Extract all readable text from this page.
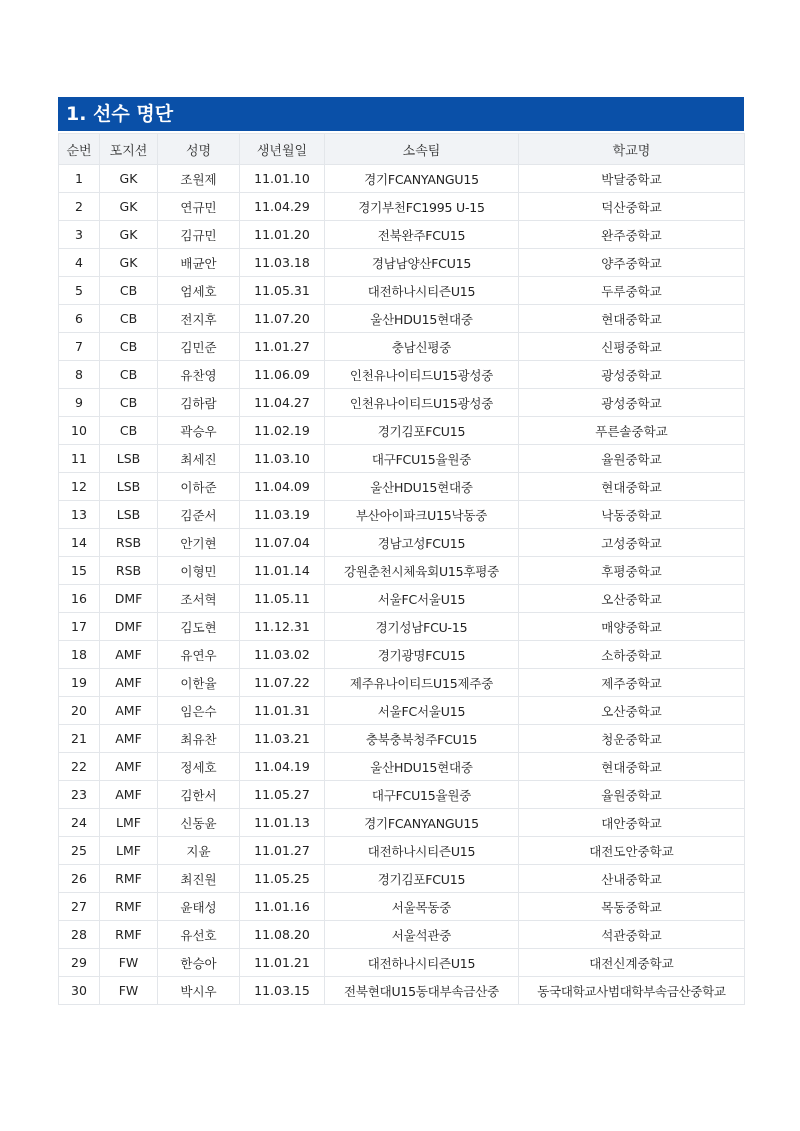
1. 선수 명단
순번	포지션	성명	생년월일	소속팀	학교명
1	GK	조원제	11.01.10	경기FCANYANGU15	박달중학교
2	GK	연규민	11.04.29	경기부천FC1995 U-15	덕산중학교
3	GK	김규민	11.01.20	전북완주FCU15	완주중학교
4	GK	배균안	11.03.18	경남남양산FCU15	양주중학교
5	CB	엄세호	11.05.31	대전하나시티즌U15	두루중학교
6	CB	전지후	11.07.20	울산HDU15현대중	현대중학교
7	CB	김민준	11.01.27	충남신평중	신평중학교
8	CB	유찬영	11.06.09	인천유나이티드U15광성중	광성중학교
9	CB	김하람	11.04.27	인천유나이티드U15광성중	광성중학교
10	CB	곽승우	11.02.19	경기김포FCU15	푸른솔중학교
11	LSB	최세진	11.03.10	대구FCU15율원중	율원중학교
12	LSB	이하준	11.04.09	울산HDU15현대중	현대중학교
13	LSB	김준서	11.03.19	부산아이파크U15낙동중	낙동중학교
14	RSB	안기현	11.07.04	경남고성FCU15	고성중학교
15	RSB	이형민	11.01.14	강원춘천시체육회U15후평중	후평중학교
16	DMF	조서혁	11.05.11	서울FC서울U15	오산중학교
17	DMF	김도현	11.12.31	경기성남FCU-15	매양중학교
18	AMF	유연우	11.03.02	경기광명FCU15	소하중학교
19	AMF	이한율	11.07.22	제주유나이티드U15제주중	제주중학교
20	AMF	임은수	11.01.31	서울FC서울U15	오산중학교
21	AMF	최유찬	11.03.21	충북충북청주FCU15	청운중학교
22	AMF	정세호	11.04.19	울산HDU15현대중	현대중학교
23	AMF	김한서	11.05.27	대구FCU15율원중	율원중학교
24	LMF	신동윤	11.01.13	경기FCANYANGU15	대안중학교
25	LMF	지윤	11.01.27	대전하나시티즌U15	대전도안중학교
26	RMF	최진원	11.05.25	경기김포FCU15	산내중학교
27	RMF	윤태성	11.01.16	서울목동중	목동중학교
28	RMF	유선호	11.08.20	서울석관중	석관중학교
29	FW	한승아	11.01.21	대전하나시티즌U15	대전신계중학교
30	FW	박시우	11.03.15	전북현대U15동대부속금산중	동국대학교사범대학부속금산중학교
